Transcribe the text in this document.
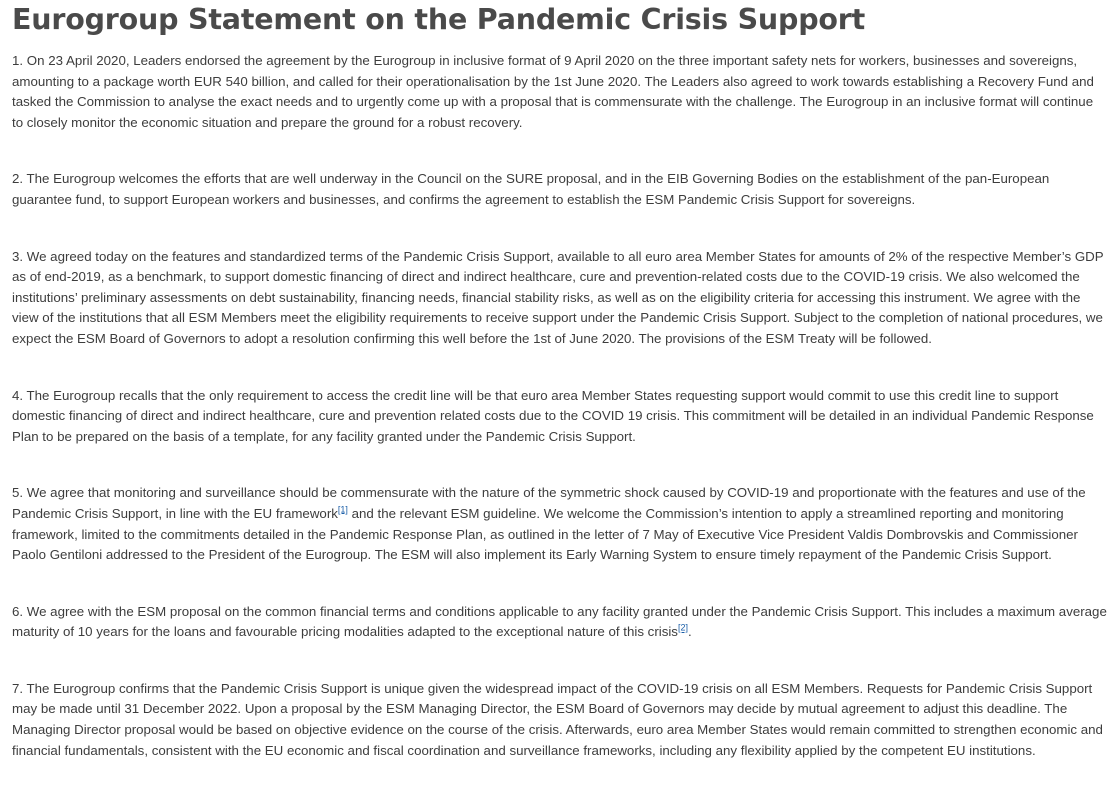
Eurogroup Statement on the Pandemic Crisis Support

1. On 23 April 2020, Leaders endorsed the agreement by the Eurogroup in inclusive format of 9 April 2020 on the three important safety nets for workers, businesses and sovereigns, amounting to a package worth EUR 540 billion, and called for their operationalisation by the 1st June 2020. The Leaders also agreed to work towards establishing a Recovery Fund and tasked the Commission to analyse the exact needs and to urgently come up with a proposal that is commensurate with the challenge. The Eurogroup in an inclusive format will continue to closely monitor the economic situation and prepare the ground for a robust recovery.

2. The Eurogroup welcomes the efforts that are well underway in the Council on the SURE proposal, and in the EIB Governing Bodies on the establishment of the pan-European guarantee fund, to support European workers and businesses, and confirms the agreement to establish the ESM Pandemic Crisis Support for sovereigns.

3. We agreed today on the features and standardized terms of the Pandemic Crisis Support, available to all euro area Member States for amounts of 2% of the respective Member’s GDP as of end-2019, as a benchmark, to support domestic financing of direct and indirect healthcare, cure and prevention-related costs due to the COVID-19 crisis. We also welcomed the institutions’ preliminary assessments on debt sustainability, financing needs, financial stability risks, as well as on the eligibility criteria for accessing this instrument. We agree with the view of the institutions that all ESM Members meet the eligibility requirements to receive support under the Pandemic Crisis Support. Subject to the completion of national procedures, we expect the ESM Board of Governors to adopt a resolution confirming this well before the 1st of June 2020. The provisions of the ESM Treaty will be followed.

4. The Eurogroup recalls that the only requirement to access the credit line will be that euro area Member States requesting support would commit to use this credit line to support domestic financing of direct and indirect healthcare, cure and prevention related costs due to the COVID 19 crisis. This commitment will be detailed in an individual Pandemic Response Plan to be prepared on the basis of a template, for any facility granted under the Pandemic Crisis Support.

5. We agree that monitoring and surveillance should be commensurate with the nature of the symmetric shock caused by COVID-19 and proportionate with the features and use of the Pandemic Crisis Support, in line with the EU framework[1] and the relevant ESM guideline. We welcome the Commission’s intention to apply a streamlined reporting and monitoring framework, limited to the commitments detailed in the Pandemic Response Plan, as outlined in the letter of 7 May of Executive Vice President Valdis Dombrovskis and Commissioner Paolo Gentiloni addressed to the President of the Eurogroup. The ESM will also implement its Early Warning System to ensure timely repayment of the Pandemic Crisis Support.

6. We agree with the ESM proposal on the common financial terms and conditions applicable to any facility granted under the Pandemic Crisis Support. This includes a maximum average maturity of 10 years for the loans and favourable pricing modalities adapted to the exceptional nature of this crisis[2].

7. The Eurogroup confirms that the Pandemic Crisis Support is unique given the widespread impact of the COVID-19 crisis on all ESM Members. Requests for Pandemic Crisis Support may be made until 31 December 2022. Upon a proposal by the ESM Managing Director, the ESM Board of Governors may decide by mutual agreement to adjust this deadline. The Managing Director proposal would be based on objective evidence on the course of the crisis. Afterwards, euro area Member States would remain committed to strengthen economic and financial fundamentals, consistent with the EU economic and fiscal coordination and surveillance frameworks, including any flexibility applied by the competent EU institutions.
